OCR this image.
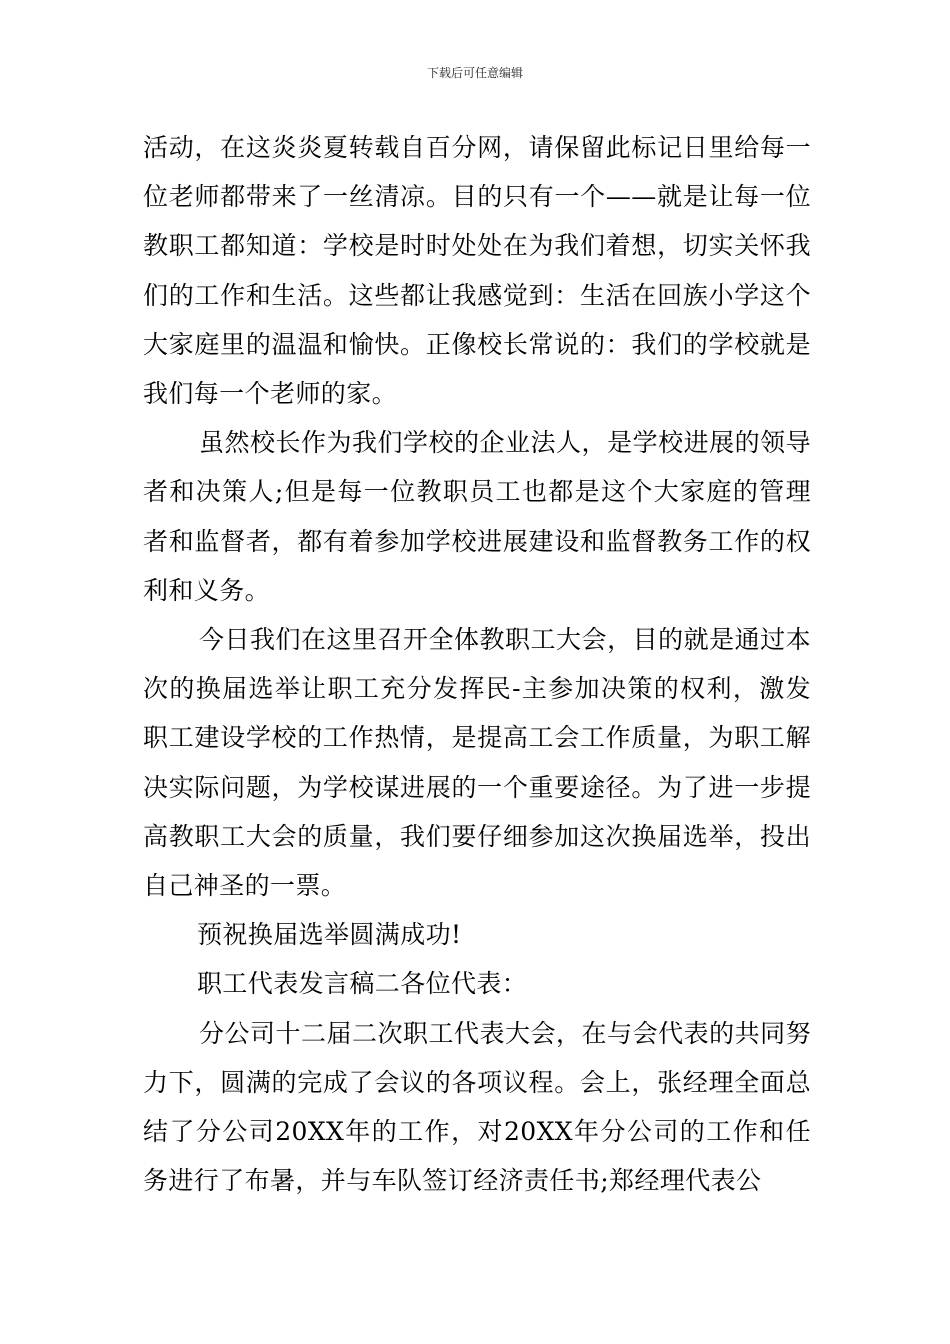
下载后可任意编辑

活动，在这炎炎夏转载自百分网，请保留此标记日里给每一位老师都带来了一丝清凉。目的只有一个——就是让每一位教职工都知道：学校是时时处处在为我们着想，切实关怀我们的工作和生活。这些都让我感觉到：生活在回族小学这个大家庭里的温温和愉快。正像校长常说的：我们的学校就是我们每一个老师的家。

虽然校长作为我们学校的企业法人，是学校进展的领导者和决策人;但是每一位教职员工也都是这个大家庭的管理者和监督者，都有着参加学校进展建设和监督教务工作的权利和义务。

今日我们在这里召开全体教职工大会，目的就是通过本次的换届选举让职工充分发挥民-主参加决策的权利，激发职工建设学校的工作热情，是提高工会工作质量，为职工解决实际问题，为学校谋进展的一个重要途径。为了进一步提高教职工大会的质量，我们要仔细参加这次换届选举，投出自己神圣的一票。

预祝换届选举圆满成功!

职工代表发言稿二各位代表：

分公司十二届二次职工代表大会，在与会代表的共同努力下，圆满的完成了会议的各项议程。会上，张经理全面总结了分公司20XX年的工作，对20XX年分公司的工作和任务进行了布暑，并与车队签订经济责任书;郑经理代表公
